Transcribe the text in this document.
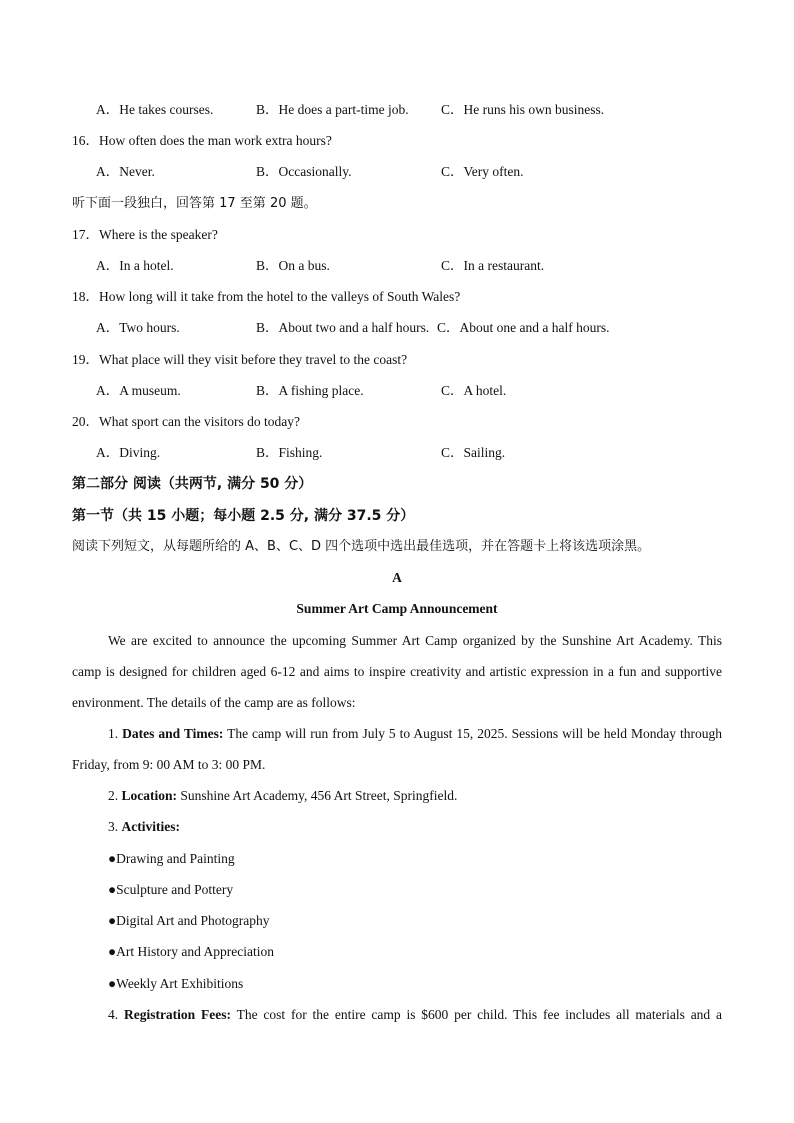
A．He takes courses.	B．He does a part-time job. C．He runs his own business.
16．How often does the man work extra hours?
A．Never.	B．Occasionally.	C．Very often.
听下面一段独白，回答第 17 至第 20 题。
17．Where is the speaker?
A．In a hotel.	B．On a bus.	C．In a restaurant.
18．How long will it take from the hotel to the valleys of South Wales?
A．Two hours.	B．About two and a half hours. C．About one and a half hours.
19．What place will they visit before they travel to the coast?
A．A museum.	B．A fishing place.	C．A hotel.
20．What sport can the visitors do today?
A．Diving.	B．Fishing.	C．Sailing.
第二部分 阅读（共两节, 满分 50 分）
第一节（共 15 小题；每小题 2.5 分, 满分 37.5 分）
阅读下列短文，从每题所给的 A、B、C、D 四个选项中选出最佳选项，并在答题卡上将该选项涂黑。
A
Summer Art Camp Announcement
We are excited to announce the upcoming Summer Art Camp organized by the Sunshine Art Academy. This camp is designed for children aged 6-12 and aims to inspire creativity and artistic expression in a fun and supportive environment. The details of the camp are as follows:
1. Dates and Times: The camp will run from July 5 to August 15, 2025. Sessions will be held Monday through Friday, from 9: 00 AM to 3: 00 PM.
2. Location: Sunshine Art Academy, 456 Art Street, Springfield.
3. Activities:
●Drawing and Painting
●Sculpture and Pottery
●Digital Art and Photography
●Art History and Appreciation
●Weekly Art Exhibitions
4. Registration Fees: The cost for the entire camp is $600 per child. This fee includes all materials and a
